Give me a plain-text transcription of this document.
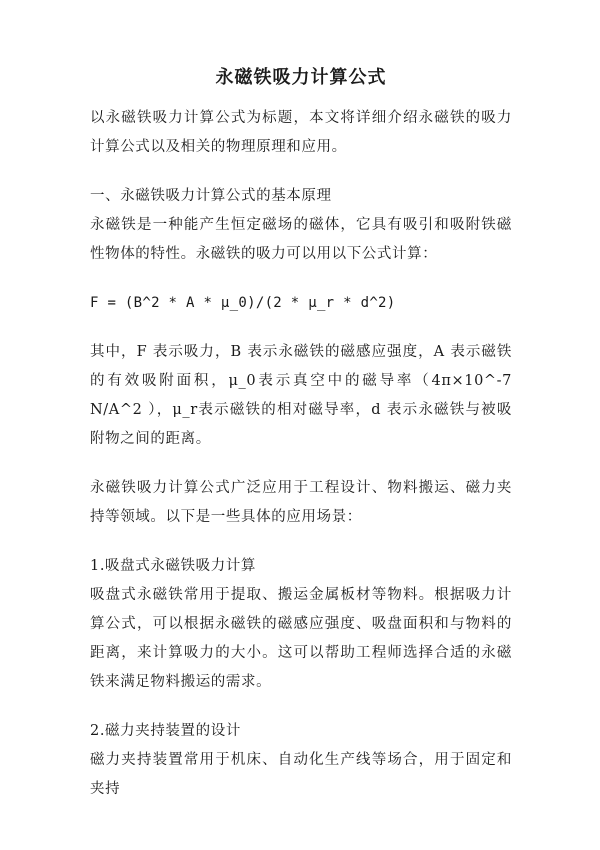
永磁铁吸力计算公式

以永磁铁吸力计算公式为标题，本文将详细介绍永磁铁的吸力计算公式以及相关的物理原理和应用。

一、永磁铁吸力计算公式的基本原理

永磁铁是一种能产生恒定磁场的磁体，它具有吸引和吸附铁磁性物体的特性。永磁铁的吸力可以用以下公式计算：

F = (B^2 * A * μ_0)/(2 * μ_r * d^2)

其中，F 表示吸力，B 表示永磁铁的磁感应强度，A 表示磁铁的有效吸附面积，μ_0表示真空中的磁导率（4π×10^-7 N/A^2 ），μ_r表示磁铁的相对磁导率，d 表示永磁铁与被吸附物之间的距离。

永磁铁吸力计算公式广泛应用于工程设计、物料搬运、磁力夹持等领域。以下是一些具体的应用场景：

1.吸盘式永磁铁吸力计算

吸盘式永磁铁常用于提取、搬运金属板材等物料。根据吸力计算公式，可以根据永磁铁的磁感应强度、吸盘面积和与物料的距离，来计算吸力的大小。这可以帮助工程师选择合适的永磁铁来满足物料搬运的需求。

2.磁力夹持装置的设计

磁力夹持装置常用于机床、自动化生产线等场合，用于固定和夹持
